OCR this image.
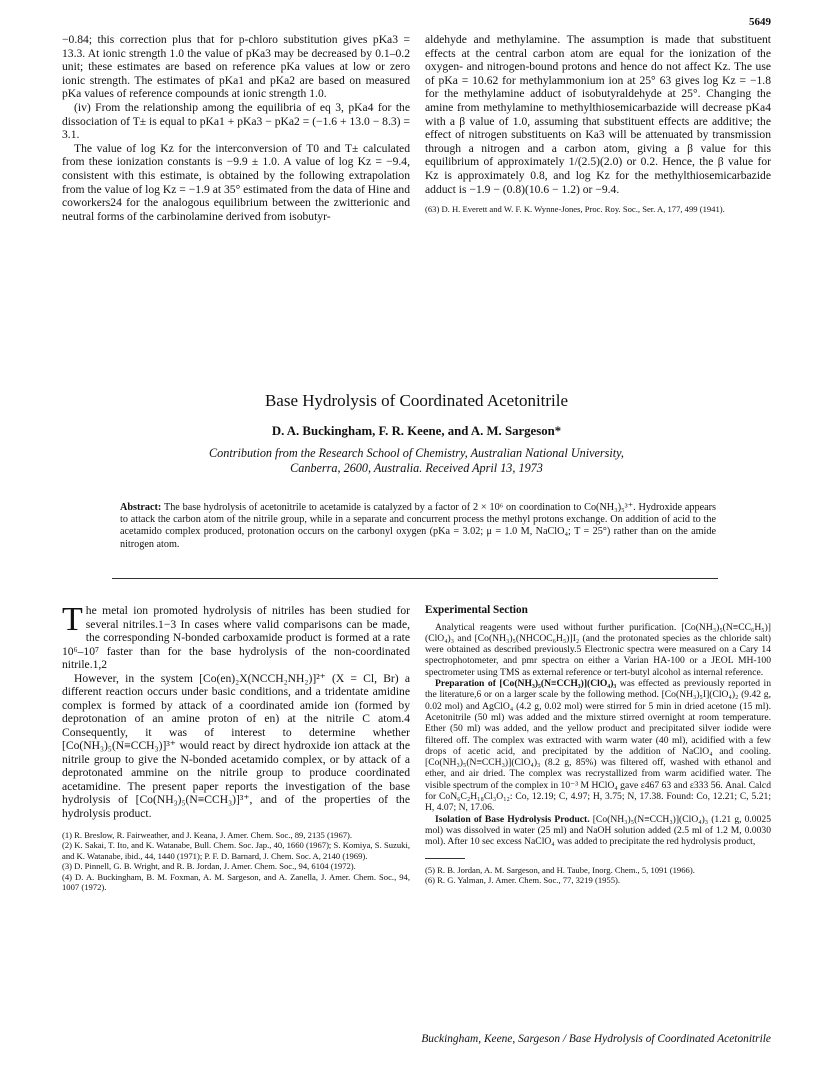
5649

−0.84; this correction plus that for p-chloro substitution gives pKa3 = 13.3. At ionic strength 1.0 the value of pKa3 may be decreased by 0.1–0.2 unit; these estimates are based on reference pKa values at low or zero ionic strength. The estimates of pKa1 and pKa2 are based on measured pKa values of reference compounds at ionic strength 1.0.

(iv) From the relationship among the equilibria of eq 3, pKa4 for the dissociation of T± is equal to pKa1 + pKa3 − pKa2 = (−1.6 + 13.0 − 8.3) = 3.1.

The value of log Kz for the interconversion of T0 and T± calculated from these ionization constants is −9.9 ± 1.0. A value of log Kz = −9.4, consistent with this estimate, is obtained by the following extrapolation from the value of log Kz = −1.9 at 35° estimated from the data of Hine and coworkers24 for the analogous equilibrium between the zwitterionic and neutral forms of the carbinolamine derived from isobutyr-

aldehyde and methylamine. The assumption is made that substituent effects at the central carbon atom are equal for the ionization of the oxygen- and nitrogen-bound protons and hence do not affect Kz. The use of pKa = 10.62 for methylammonium ion at 25° 63 gives log Kz = −1.8 for the methylamine adduct of isobutyraldehyde at 25°. Changing the amine from methylamine to methylthiosemicarbazide will decrease pKa4 with a β value of 1.0, assuming that substituent effects are additive; the effect of nitrogen substituents on Ka3 will be attenuated by transmission through a nitrogen and a carbon atom, giving a β value for this equilibrium of approximately 1/(2.5)(2.0) or 0.2. Hence, the β value for Kz is approximately 0.8, and log Kz for the methylthiosemicarbazide adduct is −1.9 − (0.8)(10.6 − 1.2) or −9.4.

(63) D. H. Everett and W. F. K. Wynne-Jones, Proc. Roy. Soc., Ser. A, 177, 499 (1941).

Base Hydrolysis of Coordinated Acetonitrile
D. A. Buckingham, F. R. Keene, and A. M. Sargeson*
Contribution from the Research School of Chemistry, Australian National University,
Canberra, 2600, Australia. Received April 13, 1973
Abstract: The base hydrolysis of acetonitrile to acetamide is catalyzed by a factor of 2 × 10⁶ on coordination to Co(NH₃)₅³⁺. Hydroxide appears to attack the carbon atom of the nitrile group, while in a separate and concurrent process the methyl protons exchange. On addition of acid to the acetamido complex produced, protonation occurs on the carbonyl oxygen (pKa = 3.02; μ = 1.0 M, NaClO₄; T = 25°) rather than on the amide nitrogen atom.

The metal ion promoted hydrolysis of nitriles has been studied for several nitriles.1−3 In cases where valid comparisons can be made, the corresponding N-bonded carboxamide product is formed at a rate 10⁶–10⁷ faster than for the base hydrolysis of the non-coordinated nitrile.1,2

However, in the system [Co(en)₂X(NCCH₂NH₂)]²⁺ (X = Cl, Br) a different reaction occurs under basic conditions, and a tridentate amidine complex is formed by attack of a coordinated amide ion (formed by deprotonation of an amine proton of en) at the nitrile C atom.4 Consequently, it was of interest to determine whether [Co(NH₃)₅(N≡CCH₃)]³⁺ would react by direct hydroxide ion attack at the nitrile group to give the N-bonded acetamido complex, or by attack of a deprotonated ammine on the nitrile group to produce coordinated acetamidine. The present paper reports the investigation of the base hydrolysis of [Co(NH₃)₅(N≡CCH₃)]³⁺, and of the properties of the hydrolysis product.

(1) R. Breslow, R. Fairweather, and J. Keana, J. Amer. Chem. Soc., 89, 2135 (1967).

(2) K. Sakai, T. Ito, and K. Watanabe, Bull. Chem. Soc. Jap., 40, 1660 (1967); S. Komiya, S. Suzuki, and K. Watanabe, ibid., 44, 1440 (1971); P. F. D. Barnard, J. Chem. Soc. A, 2140 (1969).

(3) D. Pinnell, G. B. Wright, and R. B. Jordan, J. Amer. Chem. Soc., 94, 6104 (1972).

(4) D. A. Buckingham, B. M. Foxman, A. M. Sargeson, and A. Zanella, J. Amer. Chem. Soc., 94, 1007 (1972).

Experimental Section

Analytical reagents were used without further purification. [Co(NH₃)₅(N≡CC₆H₅)](ClO₄)₃ and [Co(NH₃)₅(NHCOC₆H₅)]I₂ (and the protonated species as the chloride salt) were obtained as described previously.5 Electronic spectra were measured on a Cary 14 spectrophotometer, and pmr spectra on either a Varian HA-100 or a JEOL MH-100 spectrometer using TMS as external reference or tert-butyl alcohol as internal reference.

Preparation of [Co(NH₃)₅(N≡CCH₃)](ClO₄)₃ was effected as previously reported in the literature,6 or on a larger scale by the following method. [Co(NH₃)₅I](ClO₄)₂ (9.42 g, 0.02 mol) and AgClO₄ (4.2 g, 0.02 mol) were stirred for 5 min in dried acetone (15 ml). Acetonitrile (50 ml) was added and the mixture stirred overnight at room temperature. Ether (50 ml) was added, and the yellow product and precipitated silver iodide were filtered off. The complex was extracted with warm water (40 ml), acidified with a few drops of acetic acid, and precipitated by the addition of NaClO₄ and cooling. [Co(NH₃)₅(N≡CCH₃)](ClO₄)₃ (8.2 g, 85%) was filtered off, washed with ethanol and ether, and air dried. The complex was recrystallized from warm acidified water. The visible spectrum of the complex in 10⁻³ M HClO₄ gave ε467 63 and ε333 56. Anal. Calcd for CoN₆C₂H₁₈Cl₃O₁₂: Co, 12.19; C, 4.97; H, 3.75; N, 17.38. Found: Co, 12.21; C, 5.21; H, 4.07; N, 17.06.

Isolation of Base Hydrolysis Product. [Co(NH₃)₅(N≡CCH₃)](ClO₄)₃ (1.21 g, 0.0025 mol) was dissolved in water (25 ml) and NaOH solution added (2.5 ml of 1.2 M, 0.0030 mol). After 10 sec excess NaClO₄ was added to precipitate the red hydrolysis product,

(5) R. B. Jordan, A. M. Sargeson, and H. Taube, Inorg. Chem., 5, 1091 (1966).

(6) R. G. Yalman, J. Amer. Chem. Soc., 77, 3219 (1955).

Buckingham, Keene, Sargeson / Base Hydrolysis of Coordinated Acetonitrile
